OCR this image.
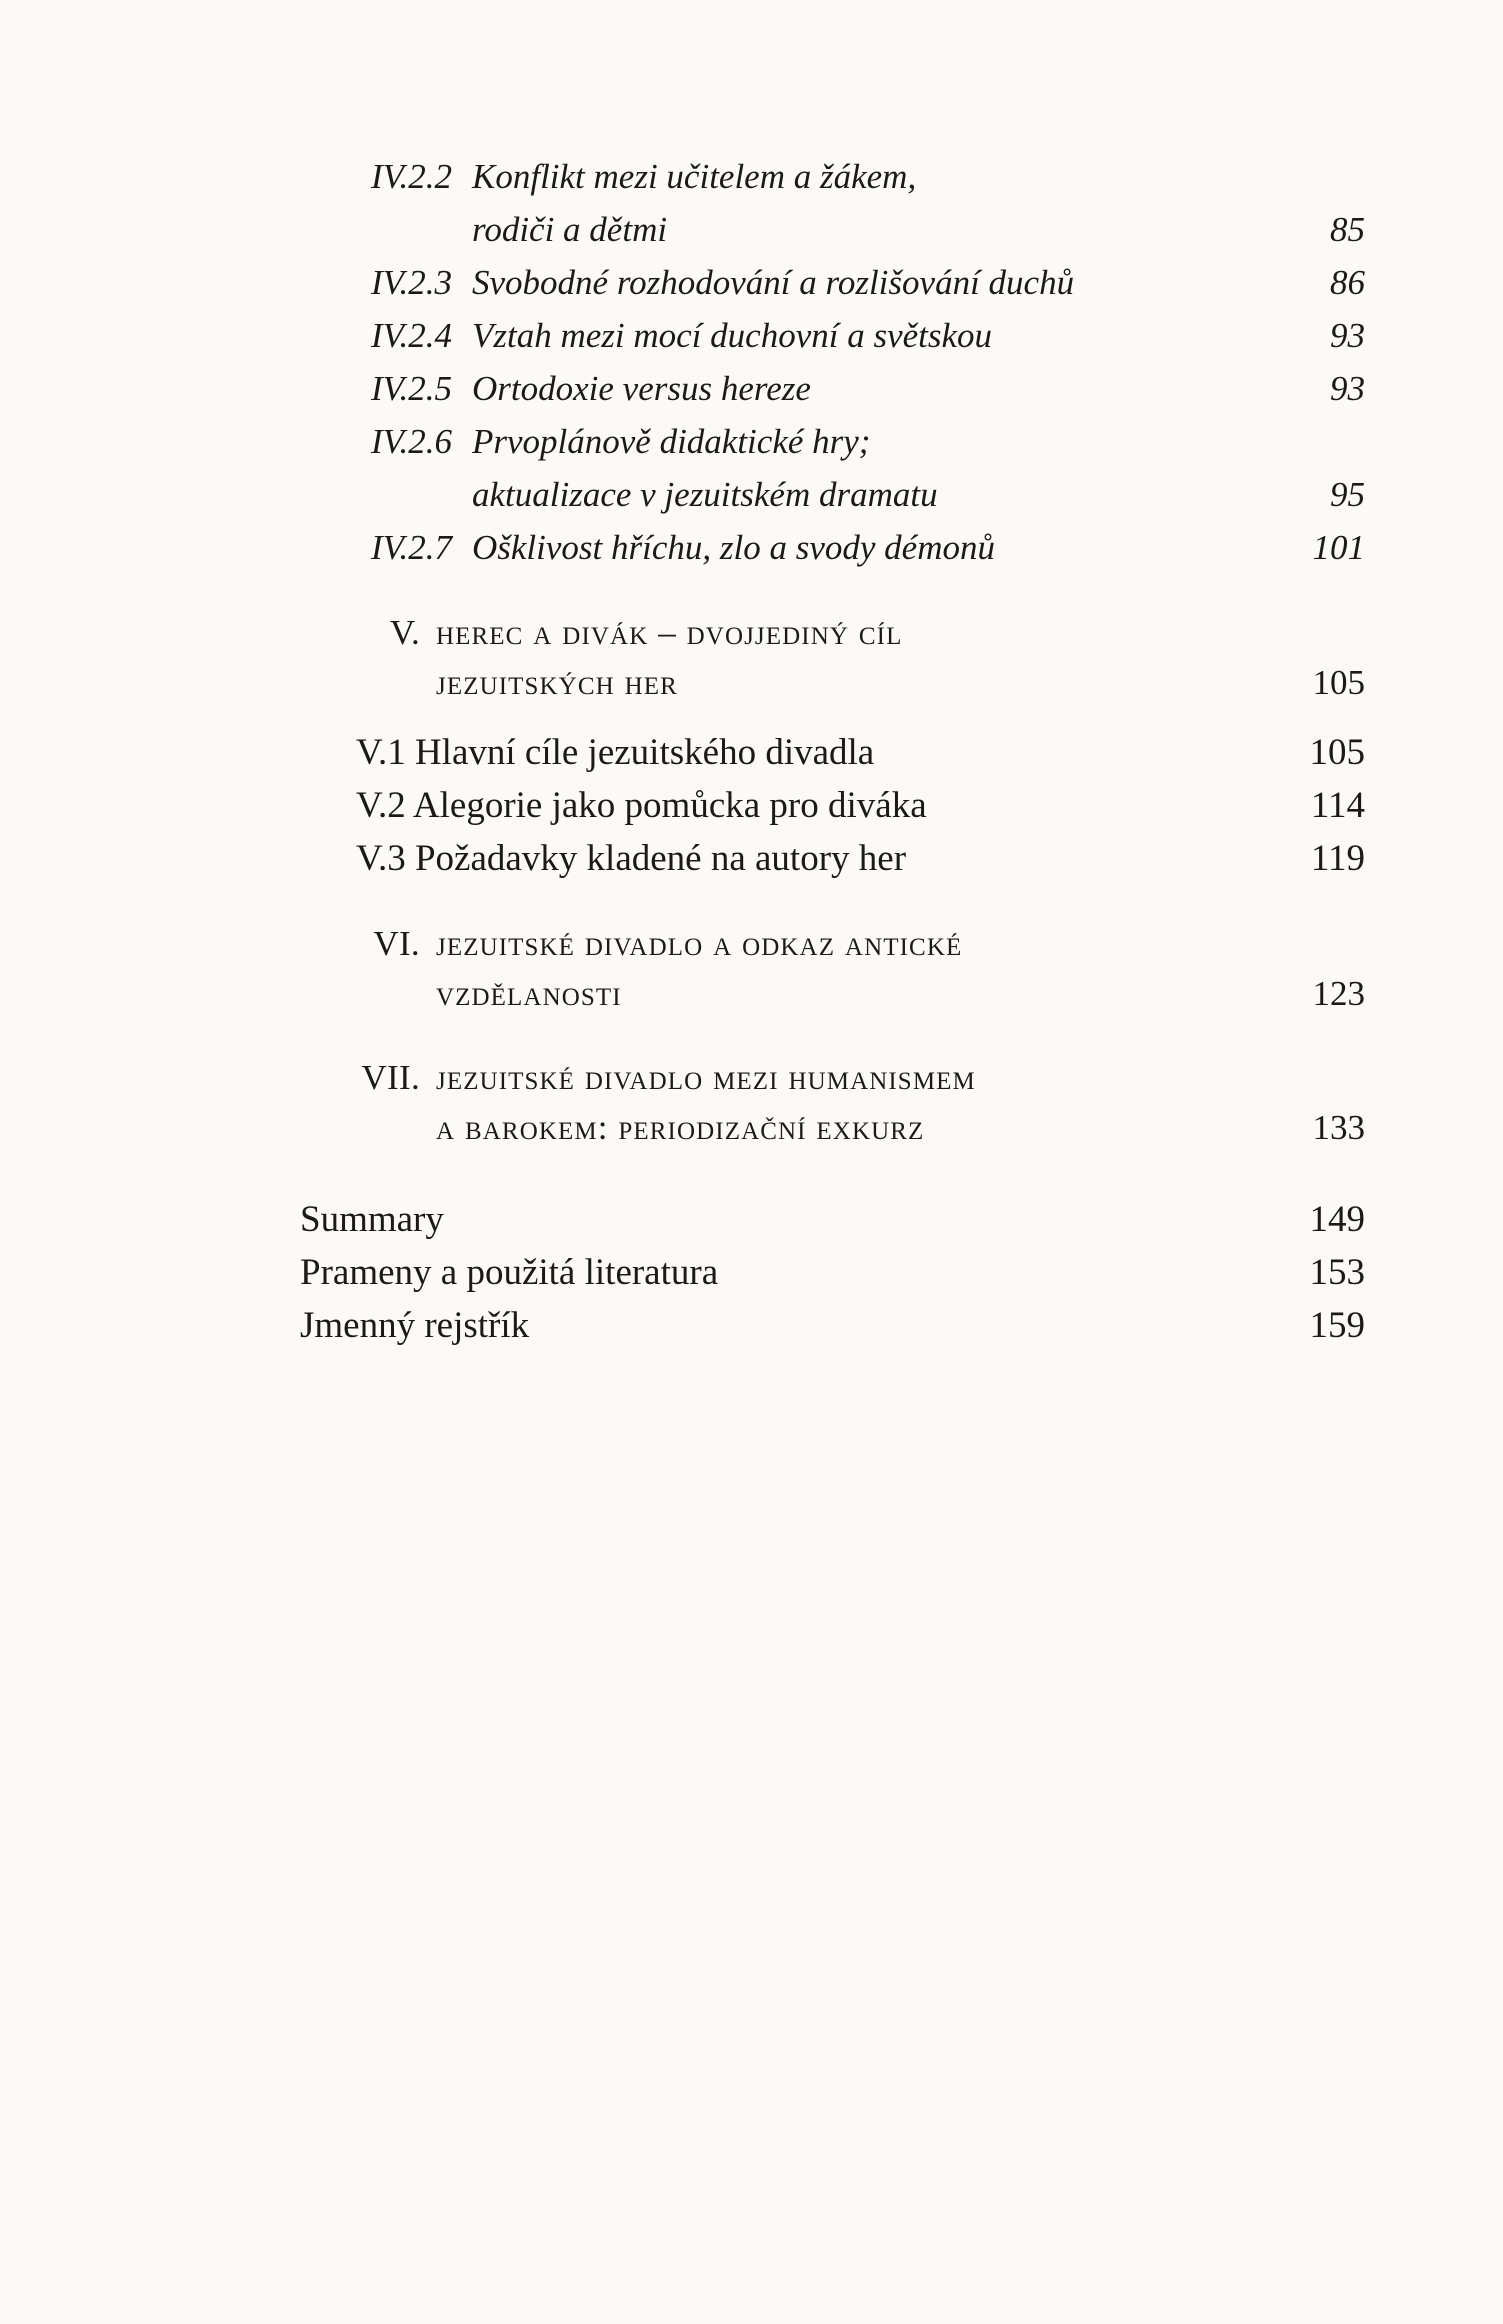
IV.2.2 Konflikt mezi učitelem a žákem,
rodiči a dětmi	85
IV.2.3 Svobodné rozhodování a rozlišování duchů	86
IV.2.4 Vztah mezi mocí duchovní a světskou	93
IV.2.5 Ortodoxie versus hereze	93
IV.2.6 Prvoplánově didaktické hry;
aktualizace v jezuitském dramatu	95
IV.2.7 Ošklivost hříchu, zlo a svody démonů	101
V. herec a divák – dvojjediný cíl
jezuitských her	105
V.1 Hlavní cíle jezuitského divadla	105
V.2 Alegorie jako pomůcka pro diváka	114
V.3 Požadavky kladené na autory her	119
VI. jezuitské divadlo a odkaz antické
vzdělanosti	123
VII. jezuitské divadlo mezi humanismem
a barokem: periodizační exkurz	133
Summary	149
Prameny a použitá literatura	153
Jmenný rejstřík	159
